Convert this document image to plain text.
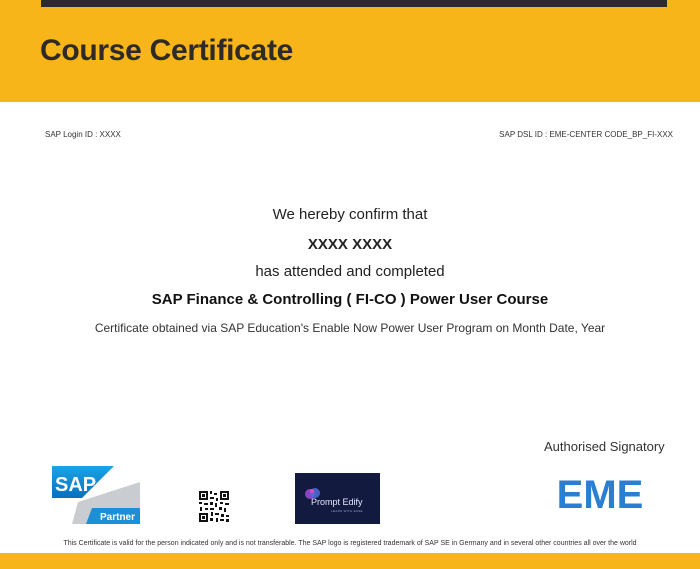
Course Certificate
SAP Login ID : XXXX	SAP DSL ID : EME-CENTER CODE_BP_FI-XXX
We hereby confirm that
XXXX XXXX
has attended and completed
SAP Finance & Controlling ( FI-CO ) Power User Course
Certificate obtained via SAP Education's Enable Now Power User Program on Month Date, Year
Authorised Signatory
SAP
Partner
Prompt Edify
LEARN WITH EASE	EME
This Certificate is valid for the person indicated only and is not transferable. The SAP logo is registered trademark of SAP SE in Germany and in several other countries all over the world
